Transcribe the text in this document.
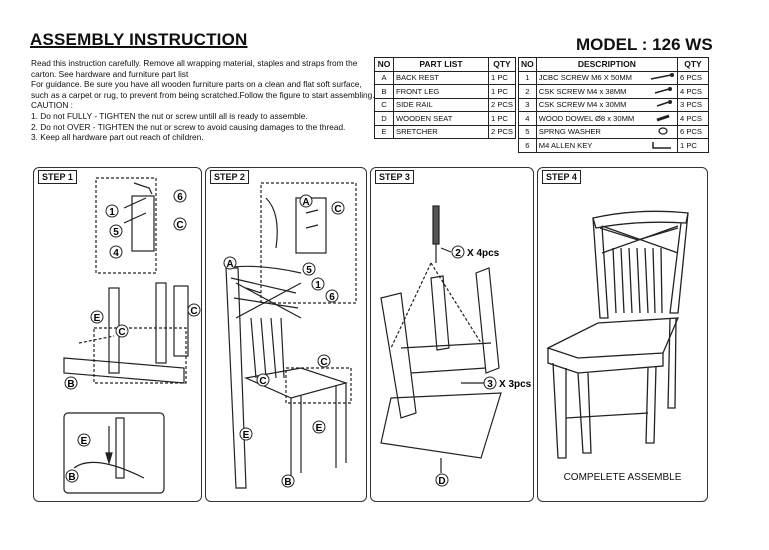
ASSEMBLY INSTRUCTION	MODEL : 126 WS
Read this instruction carefully. Remove all wrapping material, staples and straps from the
carton. See hardware and furniture part list
For guidance. Be sure you have all wooden furniture parts on a clean and flat soft surface,
such as a carpet or rug, to prevent from being scratched.Follow the figure to start assembling.
CAUTION :
1. Do not FULLY - TIGHTEN the nut or screw untill all is ready to assemble.
2. Do not OVER - TIGHTEN the nut or screw to avoid causing damages to the thread.
3. Keep all hardware part out reach of children.
NO	PART LIST	QTY
A	BACK REST	1 PC
B	FRONT LEG	1 PC
C	SIDE RAIL	2 PCS
D	WOODEN SEAT	1 PC
E	SRETCHER	2 PCS
NO	DESCRIPTION	QTY
1	JCBC SCREW M6 X 50MM	6 PCS
2	CSK SCREW M4 x 38MM	4 PCS
3	CSK SCREW M4 x 30MM	3 PCS
4	WOOD DOWEL Ø8 x 30MM	4 PCS
5	SPRNG WASHER	6 PCS
6	M4 ALLEN KEY	1 PC
STEP 1
6
1
5
C
4
E
C
C
B
E
B
STEP 2
A
C
5
1
6
A
C
C
E
E
B
STEP 3
2 X 4pcs
3 X 3pcs
D
STEP 4
COMPELETE ASSEMBLE
